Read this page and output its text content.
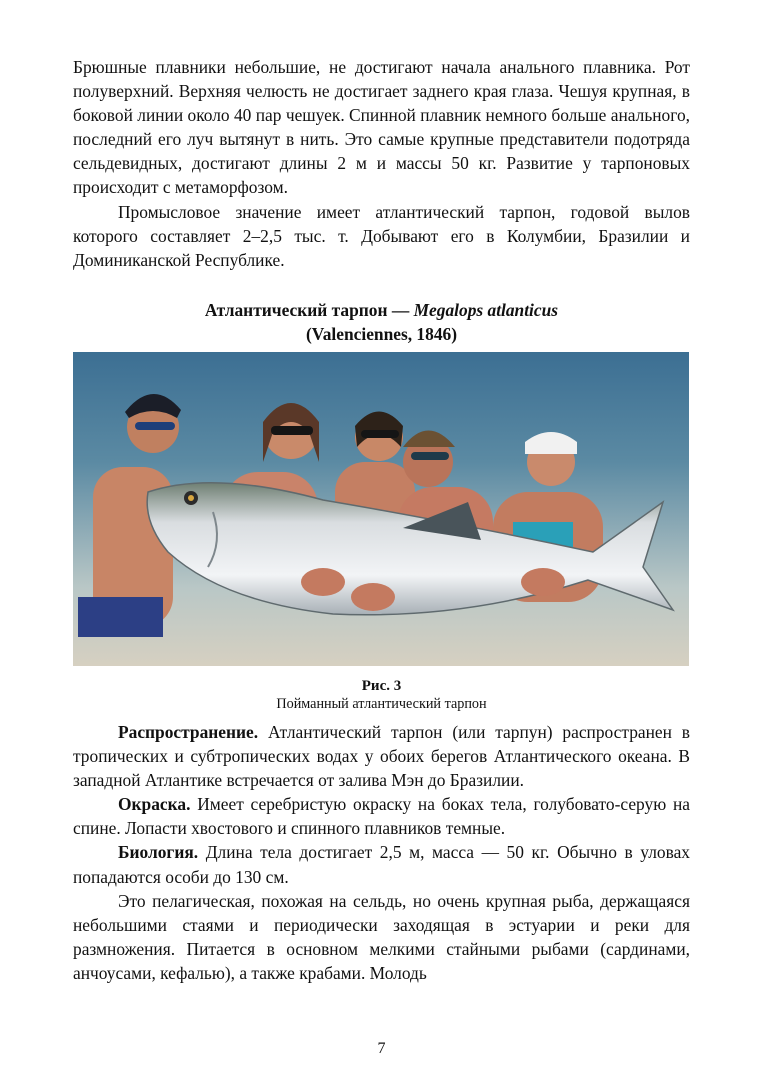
Брюшные плавники небольшие, не достигают начала анального плавника. Рот полуверхний. Верхняя челюсть не достигает заднего края глаза. Чешуя крупная, в боковой линии около 40 пар чешуек. Спинной плавник немного больше анального, последний его луч вытянут в нить. Это самые крупные представители подотряда сельдевидных, достигают длины 2 м и массы 50 кг. Развитие у тарпоновых происходит с метаморфозом.

Промысловое значение имеет атлантический тарпон, годовой вылов которого составляет 2–2,5 тыс. т. Добывают его в Колумбии, Бразилии и Доминиканской Республике.

Атлантический тарпон — Megalops atlanticus
(Valenciennes, 1846)
Рис. 3
Пойманный атлантический тарпон

Распространение. Атлантический тарпон (или тарпун) распространен в тропических и субтропических водах у обоих берегов Атлантического океана. В западной Атлантике встречается от залива Мэн до Бразилии.

Окраска. Имеет серебристую окраску на боках тела, голубовато-серую на спине. Лопасти хвостового и спинного плавников темные.

Биология. Длина тела достигает 2,5 м, масса — 50 кг. Обычно в уловах попадаются особи до 130 см.

Это пелагическая, похожая на сельдь, но очень крупная рыба, держащаяся небольшими стаями и периодически заходящая в эстуарии и реки для размножения. Питается в основном мелкими стайными рыбами (сардинами, анчоусами, кефалью), а также крабами. Молодь

7
